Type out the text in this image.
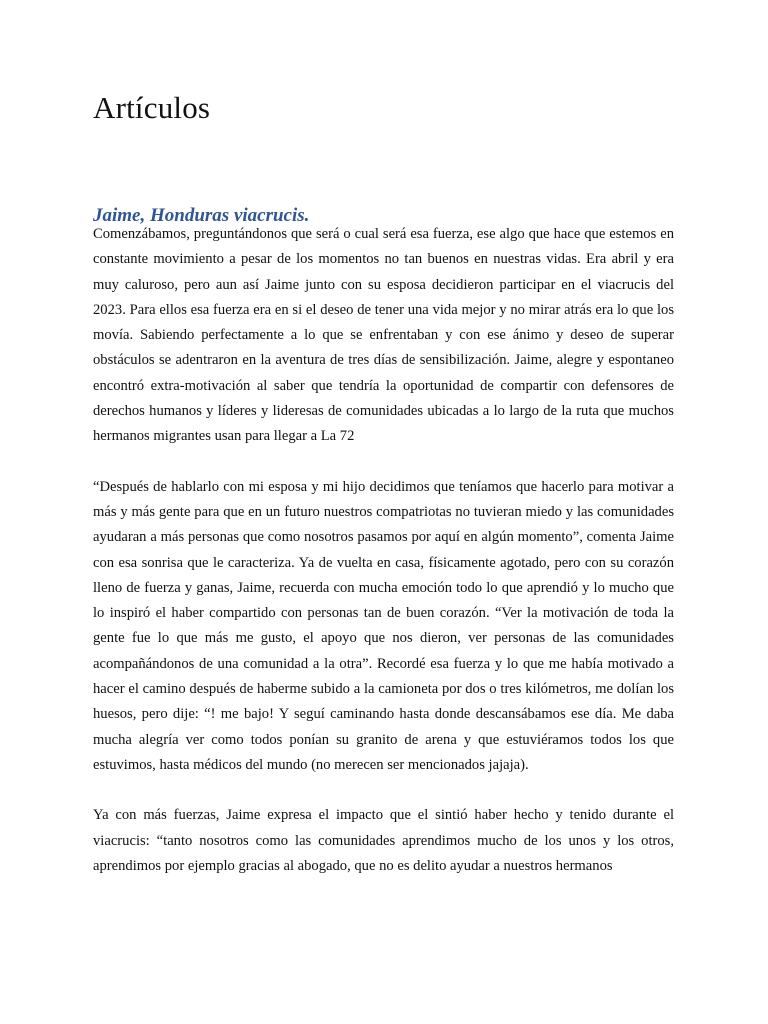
Artículos
Jaime, Honduras viacrucis.

Comenzábamos, preguntándonos que será o cual será esa fuerza, ese algo que hace que estemos en constante movimiento a pesar de los momentos no tan buenos en nuestras vidas. Era abril y era muy caluroso, pero aun así Jaime junto con su esposa decidieron participar en el viacrucis del 2023. Para ellos esa fuerza era en si el deseo de tener una vida mejor y no mirar atrás era lo que los movía. Sabiendo perfectamente a lo que se enfrentaban y con ese ánimo y deseo de superar obstáculos se adentraron en la aventura de tres días de sensibilización. Jaime, alegre y espontaneo encontró extra-motivación al saber que tendría la oportunidad de compartir con defensores de derechos humanos y líderes y lideresas de comunidades ubicadas a lo largo de la ruta que muchos hermanos migrantes usan para llegar a La 72

“Después de hablarlo con mi esposa y mi hijo decidimos que teníamos que hacerlo para motivar a más y más gente para que en un futuro nuestros compatriotas no tuvieran miedo y las comunidades ayudaran a más personas que como nosotros pasamos por aquí en algún momento”, comenta Jaime con esa sonrisa que le caracteriza. Ya de vuelta en casa, físicamente agotado, pero con su corazón lleno de fuerza y ganas, Jaime, recuerda con mucha emoción todo lo que aprendió y lo mucho que lo inspiró el haber compartido con personas tan de buen corazón. “Ver la motivación de toda la gente fue lo que más me gusto, el apoyo que nos dieron, ver personas de las comunidades acompañándonos de una comunidad a la otra”. Recordé esa fuerza y lo que me había motivado a hacer el camino después de haberme subido a la camioneta por dos o tres kilómetros, me dolían los huesos, pero dije: “! me bajo! Y seguí caminando hasta donde descansábamos ese día. Me daba mucha alegría ver como todos ponían su granito de arena y que estuviéramos todos los que estuvimos, hasta médicos del mundo (no merecen ser mencionados jajaja).

Ya con más fuerzas, Jaime expresa el impacto que el sintió haber hecho y tenido durante el viacrucis: “tanto nosotros como las comunidades aprendimos mucho de los unos y los otros, aprendimos por ejemplo gracias al abogado, que no es delito ayudar a nuestros hermanos
